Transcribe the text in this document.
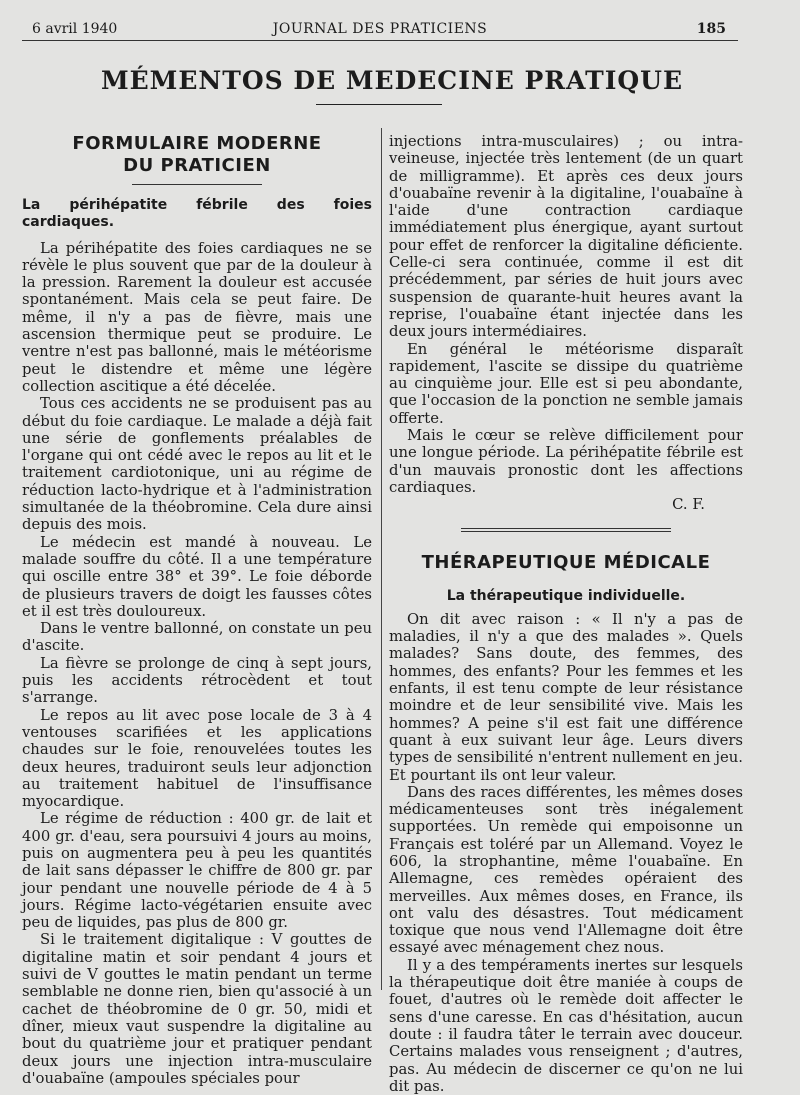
6 avril 1940	JOURNAL DES PRATICIENS	185
MÉMENTOS DE MEDECINE PRATIQUE
FORMULAIRE MODERNE
DU PRATICIEN
La périhépatite fébrile des foies cardiaques.

La périhépatite des foies cardiaques ne se révèle le plus souvent que par de la douleur à la pression. Rarement la douleur est accusée spontanément. Mais cela se peut faire. De même, il n'y a pas de fièvre, mais une ascension thermique peut se produire. Le ventre n'est pas ballonné, mais le météorisme peut le distendre et même une légère collection ascitique a été décelée.

Tous ces accidents ne se produisent pas au début du foie cardiaque. Le malade a déjà fait une série de gonflements préalables de l'organe qui ont cédé avec le repos au lit et le traitement cardiotonique, uni au régime de réduction lacto-hydrique et à l'administration simultanée de la théobromine. Cela dure ainsi depuis des mois.

Le médecin est mandé à nouveau. Le malade souffre du côté. Il a une température qui oscille entre 38° et 39°. Le foie déborde de plusieurs travers de doigt les fausses côtes et il est très douloureux.

Dans le ventre ballonné, on constate un peu d'ascite.

La fièvre se prolonge de cinq à sept jours, puis les accidents rétrocèdent et tout s'arrange.

Le repos au lit avec pose locale de 3 à 4 ventouses scarifiées et les applications chaudes sur le foie, renouvelées toutes les deux heures, traduiront seuls leur adjonction au traitement habituel de l'insuffisance myocardique.

Le régime de réduction : 400 gr. de lait et 400 gr. d'eau, sera poursuivi 4 jours au moins, puis on augmentera peu à peu les quantités de lait sans dépasser le chiffre de 800 gr. par jour pendant une nouvelle période de 4 à 5 jours. Régime lacto-végétarien ensuite avec peu de liquides, pas plus de 800 gr.

Si le traitement digitalique : V gouttes de digitaline matin et soir pendant 4 jours et suivi de V gouttes le matin pendant un terme semblable ne donne rien, bien qu'associé à un cachet de théobromine de 0 gr. 50, midi et dîner, mieux vaut suspendre la digitaline au bout du quatrième jour et pratiquer pendant deux jours une injection intra-musculaire d'ouabaïne (ampoules spéciales pour

injections intra-musculaires) ; ou intra-veineuse, injectée très lentement (de un quart de milligramme). Et après ces deux jours d'ouabaïne revenir à la digitaline, l'ouabaïne à l'aide d'une contraction cardiaque immédiatement plus énergique, ayant surtout pour effet de renforcer la digitaline déficiente. Celle-ci sera continuée, comme il est dit précédemment, par séries de huit jours avec suspension de quarante-huit heures avant la reprise, l'ouabaïne étant injectée dans les deux jours intermédiaires.

En général le météorisme disparaît rapidement, l'ascite se dissipe du quatrième au cinquième jour. Elle est si peu abondante, que l'occasion de la ponction ne semble jamais offerte.

Mais le cœur se relève difficilement pour une longue période. La périhépatite fébrile est d'un mauvais pronostic dont les affections cardiaques.

C. F.
THÉRAPEUTIQUE MÉDICALE
La thérapeutique individuelle.

On dit avec raison : « Il n'y a pas de maladies, il n'y a que des malades ». Quels malades? Sans doute, des femmes, des hommes, des enfants? Pour les femmes et les enfants, il est tenu compte de leur résistance moindre et de leur sensibilité vive. Mais les hommes? A peine s'il est fait une différence quant à eux suivant leur âge. Leurs divers types de sensibilité n'entrent nullement en jeu. Et pourtant ils ont leur valeur.

Dans des races différentes, les mêmes doses médicamenteuses sont très inégalement supportées. Un remède qui empoisonne un Français est toléré par un Allemand. Voyez le 606, la strophantine, même l'ouabaïne. En Allemagne, ces remèdes opéraient des merveilles. Aux mêmes doses, en France, ils ont valu des désastres. Tout médicament toxique que nous vend l'Allemagne doit être essayé avec ménagement chez nous.

Il y a des tempéraments inertes sur lesquels la thérapeutique doit être maniée à coups de fouet, d'autres où le remède doit affecter le sens d'une caresse. En cas d'hésitation, aucun doute : il faudra tâter le terrain avec douceur. Certains malades vous renseignent ; d'autres, pas. Au médecin de discerner ce qu'on ne lui dit pas.
